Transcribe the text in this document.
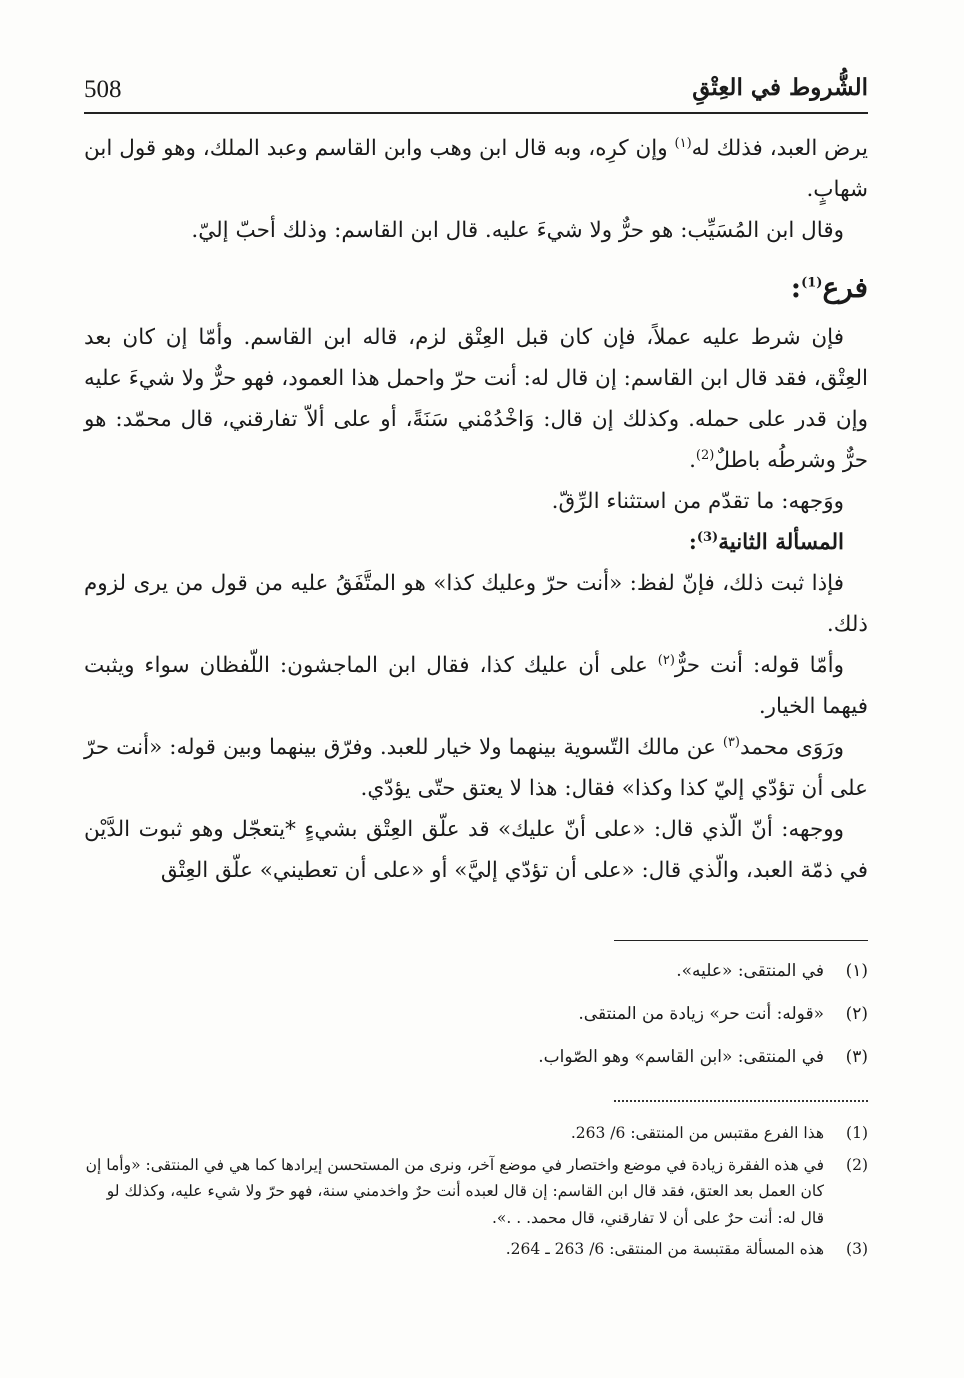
508	الشُّروط في العِتْقِ

يرض العبد، فذلك له$^{(١)}$ وإن كرِه، وبه قال ابن وهب وابن القاسم وعبد الملك، وهو قول ابن شهابٍ.

وقال ابن المُسَيِّب: هو حرٌّ ولا شيءَ عليه. قال ابن القاسم: وذلك أحبّ إليّ.

فرع$^{(1)}$:

فإن شرط عليه عملاً، فإن كان قبل العِتْق لزم، قاله ابن القاسم. وأمّا إن كان بعد العِتْق، فقد قال ابن القاسم: إن قال له: أنت حرّ واحمل هذا العمود، فهو حرٌّ ولا شيءَ عليه وإن قدر على حمله. وكذلك إن قال: وَاخْدُمْني سَنَةً، أو على ألاّ تفارقني، قال محمّد: هو حرٌّ وشرطُه باطلٌ$^{(2)}$.

ووَجهه: ما تقدّم من استثناء الرِّقّ.

المسألة الثانية$^{(3)}$:

فإذا ثبت ذلك، فإنّ لفظ: «أنت حرّ وعليك كذا» هو المتَّفَقُ عليه من قول من يرى لزوم ذلك.

وأمّا قوله: أنت حرٌّ$^{(٢)}$ على أن عليك كذا، فقال ابن الماجشون: اللّفظان سواء ويثبت فيهما الخيار.

ورَوَى محمد$^{(٣)}$ عن مالك التّسوية بينهما ولا خيار للعبد. وفرّق بينهما وبين قوله: «أنت حرّ على أن تؤدّي إليّ كذا وكذا» فقال: هذا لا يعتق حتّى يؤدّي.

ووجهه: أنّ الّذي قال: «على أنّ عليك» قد علّق العِتْق بشيءٍ *يتعجّل وهو ثبوت الدَّيْن في ذمّة العبد، والّذي قال: «على أن تؤدّي إليَّ» أو «على أن تعطيني» علّق العِتْق

(١)
في المنتقى: «عليه».
(٢)
«قوله: أنت حر» زيادة من المنتقى.
(٣)
في المنتقى: «ابن القاسم» وهو الصّواب.
(1)
هذا الفرع مقتبس من المنتقى: 6/ 263.
(2)
في هذه الفقرة زيادة في موضع واختصار في موضع آخر، ونرى من المستحسن إيرادها كما هي في المنتقى: «وأما إن كان العمل بعد العتق، فقد قال ابن القاسم: إن قال لعبده أنت حرٌ واخدمني سنة، فهو حرّ ولا شيء عليه، وكذلك لو قال له: أنت حرٌ على أن لا تفارقني، قال محمد. . .».
(3)
هذه المسألة مقتبسة من المنتقى: 6/ 263 ـ 264.
